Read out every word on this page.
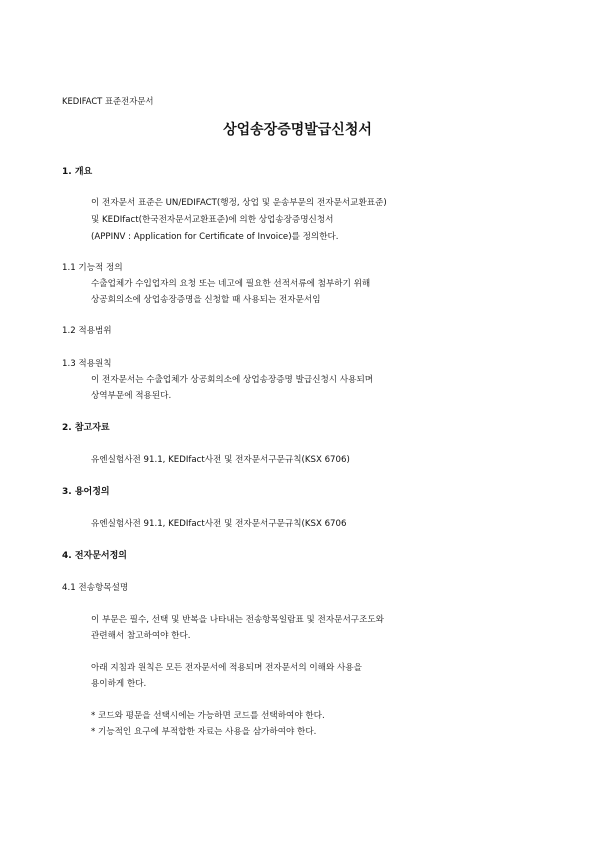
KEDIFACT 표준전자문서
상업송장증명발급신청서
1. 개요
이 전자문서 표준은 UN/EDIFACT(행정, 상업 및 운송부문의 전자문서교환표준)
및 KEDIfact(한국전자문서교환표준)에 의한 상업송장증명신청서
(APPINV : Application for Certificate of Invoice)를 정의한다.
1.1 기능적 정의
수출업체가 수입업자의 요청 또는 네고에 필요한 선적서류에 첨부하기 위해
상공회의소에 상업송장증명을 신청할 때 사용되는 전자문서임
1.2 적용범위
1.3 적용원칙
이 전자문서는 수출업체가 상공회의소에 상업송장증명 발급신청시 사용되며
상역부문에 적용된다.
2. 참고자료
유엔실험사전 91.1, KEDIfact사전 및 전자문서구문규칙(KSX 6706)
3. 용어정의
유엔실험사전 91.1, KEDIfact사전 및 전자문서구문규칙(KSX 6706
4. 전자문서정의
4.1 전송항목설명
이 부문은 필수, 선택 및 반복을 나타내는 전송항목일람표 및 전자문서구조도와
관련해서 참고하여야 한다.
아래 지침과 원칙은 모든 전자문서에 적용되며 전자문서의 이해와 사용을
용이하게 한다.
* 코드와 평문을 선택시에는 가능하면 코드를 선택하여야 한다.
* 기능적인 요구에 부적합한 자료는 사용을 삼가하여야 한다.
